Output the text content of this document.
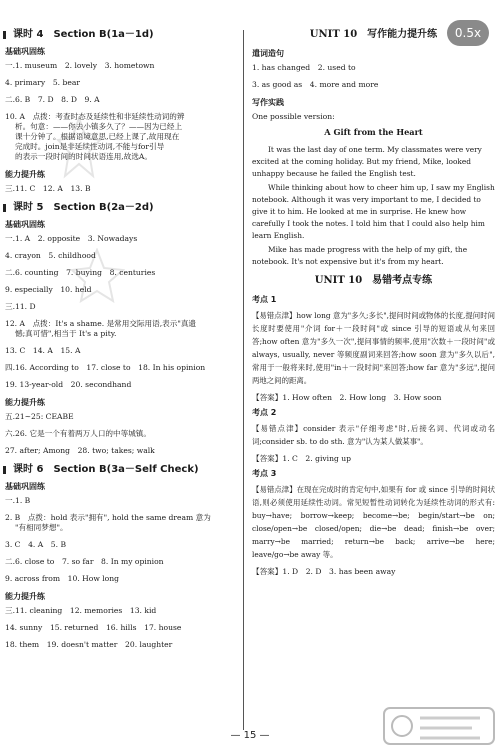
0.5x
课时 4　Section B(1a－1d)
基础巩固练
一.1. museum　2. lovely　3. hometown
4. primary　5. bear
二.6. B　7. D　8. D　9. A
10. A　点拨：考查时态及延续性和非延续性动词的辨
析。句意：——你去小镇多久了？——因为已经上
课十分钟了。根据语境意思,已经上课了,故用现在
完成时。join是非延续性动词,不能与for引导
的表示一段时间的时间状语连用,故选A。
能力提升练
三.11. C　12. A　13. B
课时 5　Section B(2a－2d)
基础巩固练
一.1. A　2. opposite　3. Nowadays
4. crayon　5. childhood
二.6. counting　7. buying　8. centuries
9. especially　10. held
三.11. D
12. A　点拨：It's a shame. 是常用交际用语,表示"真遗
憾;真可惜",相当于 It's a pity.
13. C　14. A　15. A
四.16. According to　17. close to　18. In his opinion
19. 13-year-old　20. secondhand
能力提升练
五.21~25: CEABE
六.26. 它是一个有着两万人口的中等城镇。
27. after; Among　28. two; takes; walk
课时 6　Section B(3a－Self Check)
基础巩固练
一.1. B
2. B　点拨：hold 表示"拥有", hold the same dream 意为
"有相同梦想"。
3. C　4. A　5. B
二.6. close to　7. so far　8. In my opinion
9. across from　10. How long
能力提升练
三.11. cleaning　12. memories　13. kid
14. sunny　15. returned　16. hills　17. house
18. them　19. doesn't matter　20. laughter
UNIT 10　写作能力提升练
遣词造句
1. has changed　2. used to
3. as good as　4. more and more
写作实践
One possible version:
A Gift from the Heart
It was the last day of one term. My classmates were very excited at the coming holiday. But my friend, Mike, looked unhappy because he failed the English test.
While thinking about how to cheer him up, I saw my English notebook. Although it was very important to me, I decided to give it to him. He looked at me in surprise. He knew how carefully I took the notes. I told him that I could also help him learn English.
Mike has made progress with the help of my gift, the notebook. It's not expensive but it's from my heart.
UNIT 10　易错考点专练
考点 1
【易错点津】how long 意为"多久;多长",提问时间或物体的长度,提问时间长度时要使用"介词 for＋一段时间"或 since 引导的短语或从句来回答;how often 意为"多久一次",提问事情的频率,使用"次数＋一段时间"或 always, usually, never 等频度副词来回答;how soon 意为"多久以后",常用于一般将来时,使用"in＋一段时间"来回答;how far 意为"多远",提问两地之间的距离。
【答案】1. How often　2. How long　3. How soon
考点 2
【易错点津】consider 表示"仔细考虑"时,后接名词、代词或动名词;consider sb. to do sth. 意为"认为某人做某事"。
【答案】1. C　2. giving up
考点 3
【易错点津】在现在完成时的肯定句中,如果有 for 或 since 引导的时间状语,则必须使用延续性动词。常见短暂性动词转化为延续性动词的形式有: buy→have; borrow→keep; become→be; begin/start→be on; close/open→be closed/open; die→be dead; finish→be over; marry→be married; return→be back; arrive→be here; leave/go→be away 等。
【答案】1. D　2. D　3. has been away
— 15 —
